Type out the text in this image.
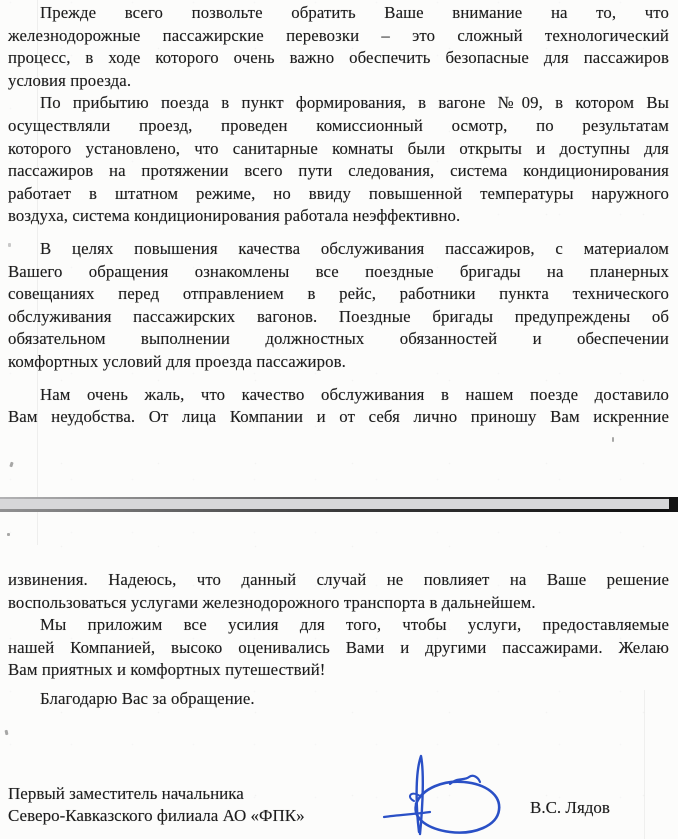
Прежде всего позвольте обратить Ваше внимание на то, что
железнодорожные пассажирские перевозки – это сложный технологический
процесс, в ходе которого очень важно обеспечить безопасные для пассажиров
условия проезда.
По прибытию поезда в пункт формирования, в вагоне №09, в котором Вы
осуществляли проезд, проведен комиссионный осмотр, по результатам
которого установлено, что санитарные комнаты были открыты и доступны для
пассажиров на протяжении всего пути следования, система кондиционирования
работает в штатном режиме, но ввиду повышенной температуры наружного
воздуха, система кондиционирования работала неэффективно.
В целях повышения качества обслуживания пассажиров, с материалом
Вашего обращения ознакомлены все поездные бригады на планерных
совещаниях перед отправлением в рейс, работники пункта технического
обслуживания пассажирских вагонов. Поездные бригады предупреждены об
обязательном выполнении должностных обязанностей и обеспечении
комфортных условий для проезда пассажиров.
Нам очень жаль, что качество обслуживания в нашем поезде доставило
Вам неудобства. От лица Компании и от себя лично приношу Вам искренние
извинения. Надеюсь, что данный случай не повлияет на Ваше решение
воспользоваться услугами железнодорожного транспорта в дальнейшем.
Мы приложим все усилия для того, чтобы услуги, предоставляемые
нашей Компанией, высоко оценивались Вами и другими пассажирами. Желаю
Вам приятных и комфортных путешествий!
Благодарю Вас за обращение.
Первый заместитель начальника
Северо-Кавказского филиала АО «ФПК»	В.С. Лядов
